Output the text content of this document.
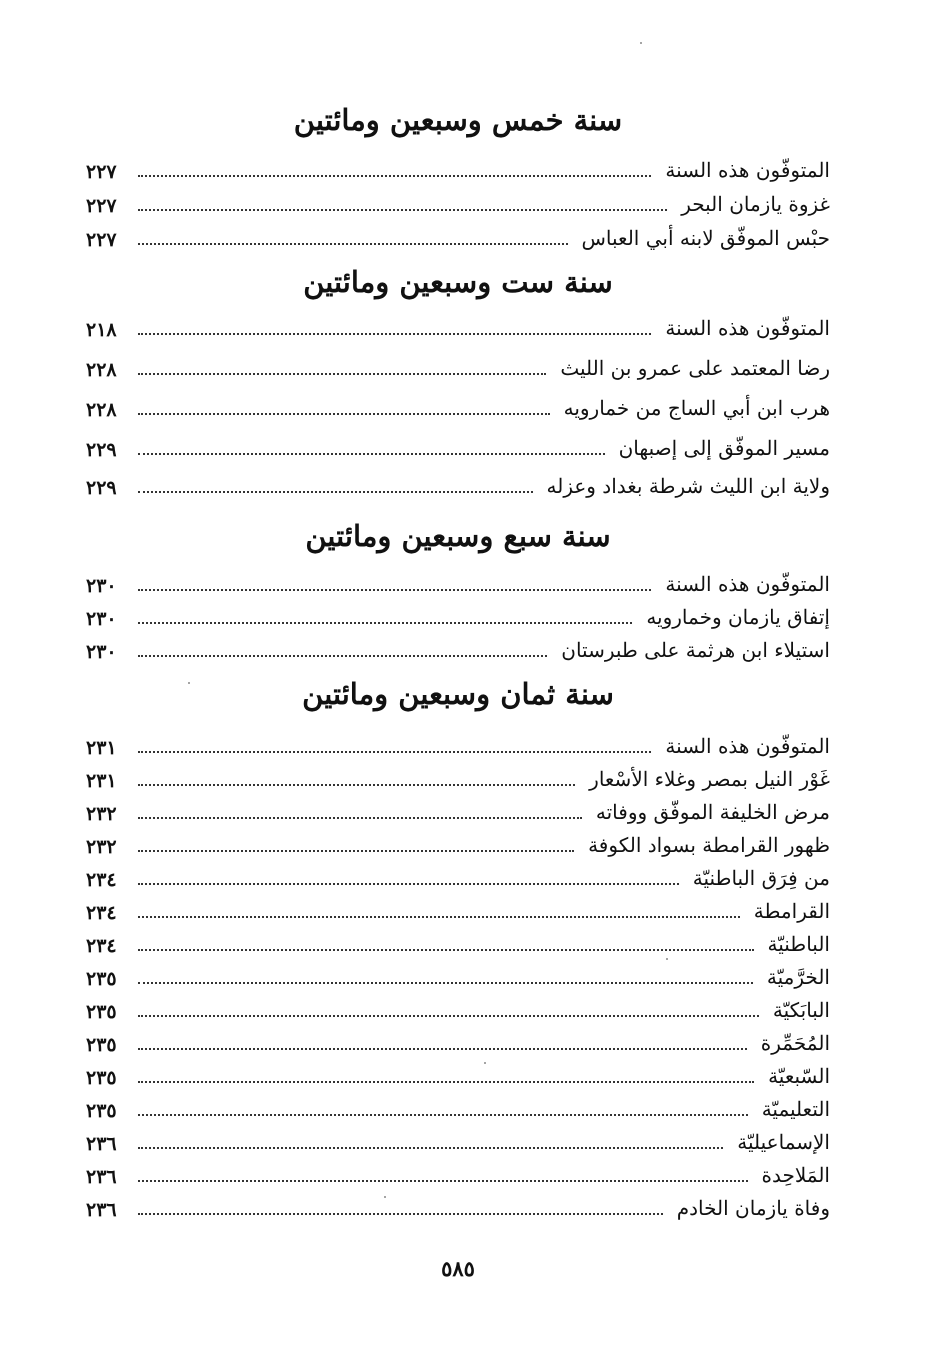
سنة خمس وسبعين ومائتين
٢٢٧	المتوفّون هذه السنة
٢٢٧	غزوة يازمان البحر
٢٢٧	حبْس الموفّق لابنه أبي العباس
سنة ست وسبعين ومائتين
٢١٨	المتوفّون هذه السنة
٢٢٨	رضا المعتمد على عمرو بن الليث
٢٢٨	هرب ابن أبي الساج من خمارويه
٢٢٩	مسير الموفّق إلى إصبهان
٢٢٩	ولاية ابن الليث شرطة بغداد وعزله
سنة سبع وسبعين ومائتين
٢٣٠	المتوفّون هذه السنة
٢٣٠	إتفاق يازمان وخمارويه
٢٣٠	استيلاء ابن هرثمة على طبرستان
سنة ثمان وسبعين ومائتين
٢٣١	المتوفّون هذه السنة
٢٣١	غَوْر النيل بمصر وغلاء الأسْعار
٢٣٢	مرض الخليفة الموفّق ووفاته
٢٣٢	ظهور القرامطة بسواد الكوفة
٢٣٤	من فِرَق الباطنيّة
٢٣٤	القرامطة
٢٣٤	الباطنيّة
٢٣٥	الخرَّميّة
٢٣٥	البابَكيّة
٢٣٥	المُحَمِّرة
٢٣٥	السّبعيّة
٢٣٥	التعليميّة
٢٣٦	الإسماعيليّة
٢٣٦	المَلاحِدة
٢٣٦	وفاة يازمان الخادم
٥٨٥
